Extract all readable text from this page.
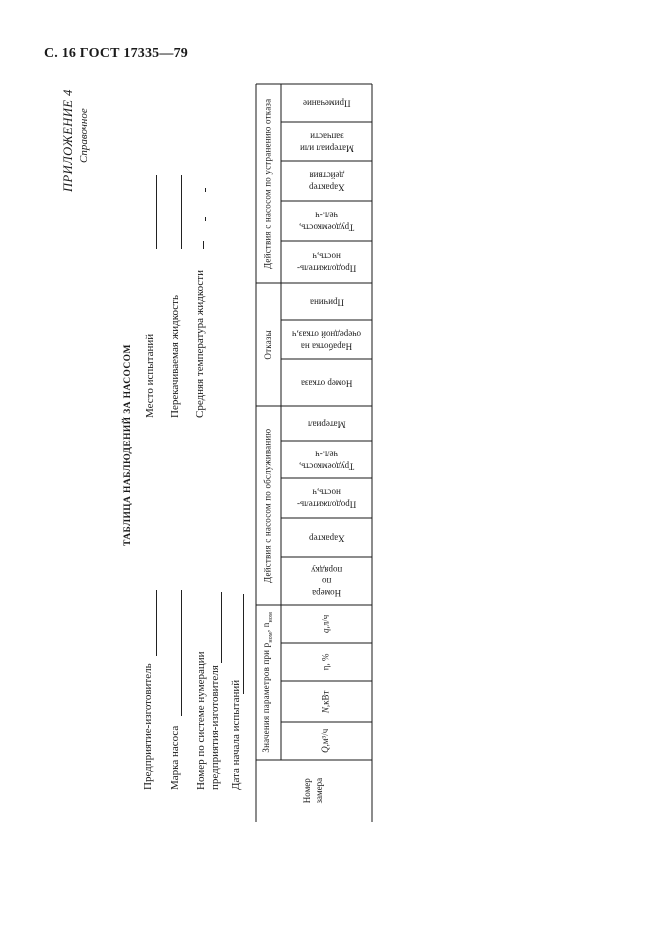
С. 16 ГОСТ 17335—79
ПРИЛОЖЕНИЕ 4 Справочное
ТАБЛИЦА НАБЛЮДЕНИЙ ЗА НАСОСОМ
Предприятие-изготовитель Марка насоса Номер по системе нумерации предприятия-изготовителя Дата начала испытаний
Место испытаний Перекачиваемая жидкость Средняя температура жидкости
Номер замера
Значения параметров при $p_{ном}$, $n_{ном}$
Q,м³/ч
N,кВт
η, %
q,л/ч
Действия с насосом по обслуживанию
Номера
по
порядку
Характер
Продолжитель-
ность,ч
Трудоемкость,
чел.-ч
Материал
Отказы
Номер отказа
Наработка на
очередной отказ,ч
Причина
Действия с насосом по устранению отказа	Продолжитель-
ность,ч
Трудоемкость,
чел.-ч
Характер
действия
Материал или
запчасти
Примечание
